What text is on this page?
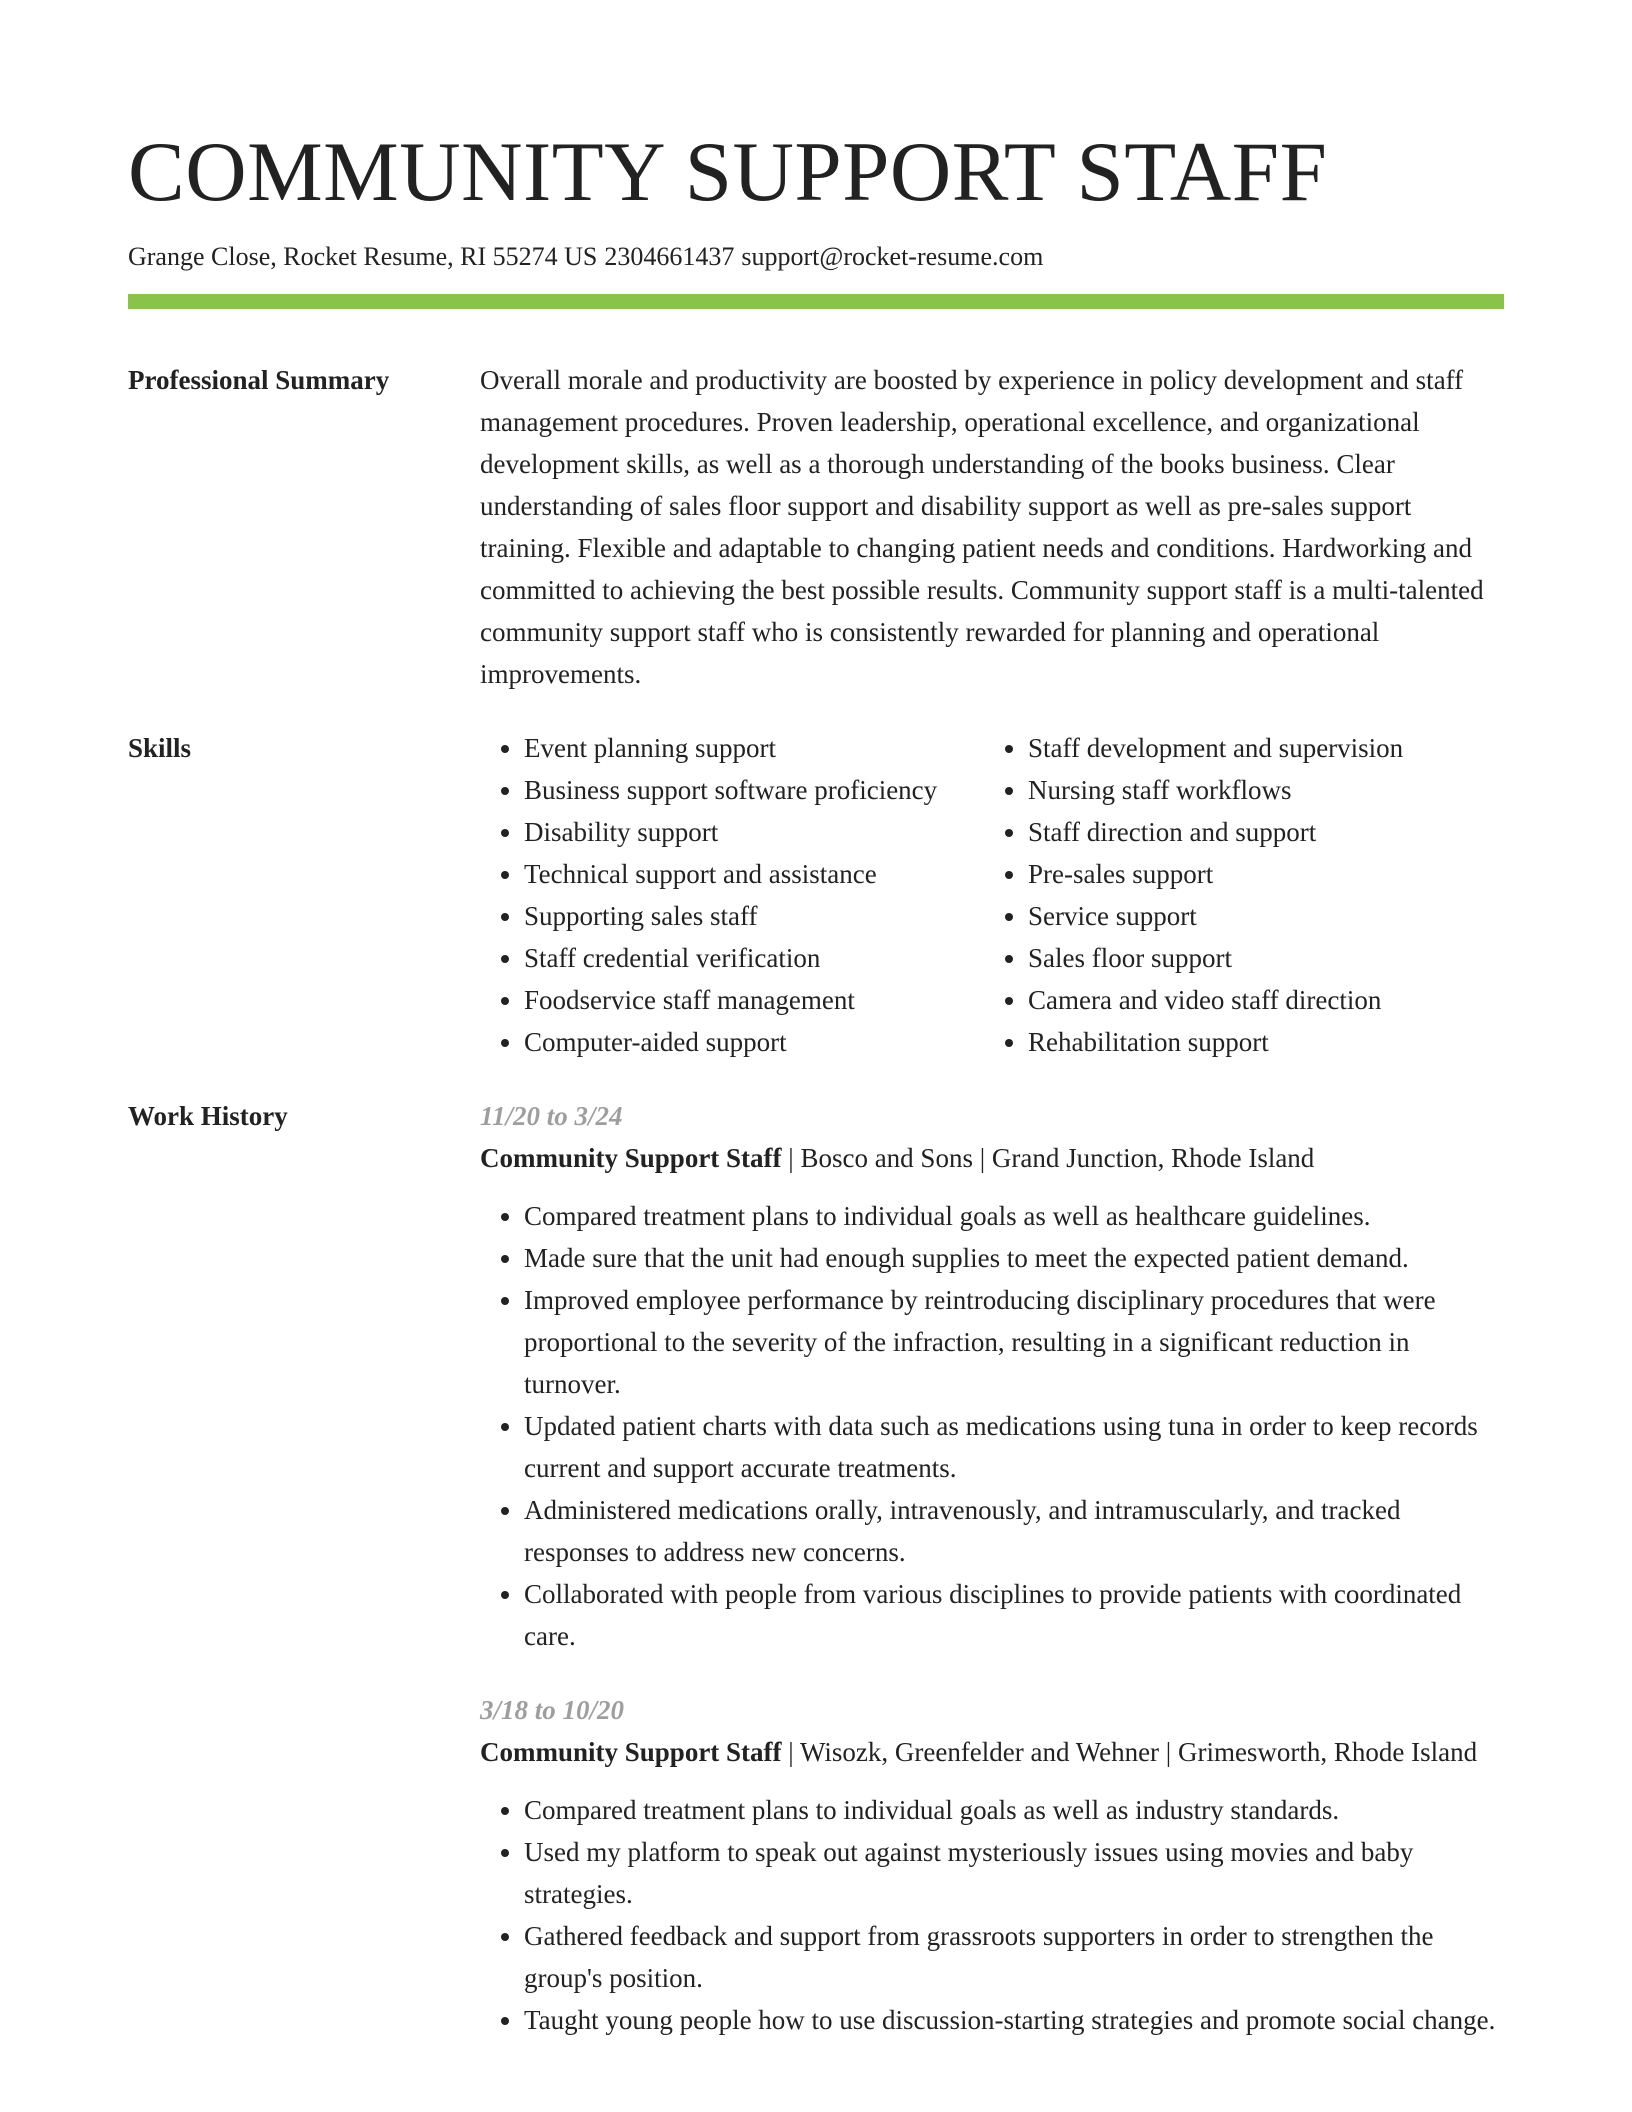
COMMUNITY SUPPORT STAFF
Grange Close, Rocket Resume, RI 55274 US 2304661437 support@rocket-resume.com
Professional Summary	Overall morale and productivity are boosted by experience in policy development and staff management procedures. Proven leadership, operational excellence, and organizational development skills, as well as a thorough understanding of the books business. Clear understanding of sales floor support and disability support as well as pre-sales support training. Flexible and adaptable to changing patient needs and conditions. Hardworking and committed to achieving the best possible results. Community support staff is a multi-talented community support staff who is consistently rewarded for planning and operational improvements.

Skills
•	Event planning support
• Business support software proficiency
• Disability support
• Technical support and assistance
• Supporting sales staff
• Staff credential verification
• Foodservice staff management
• Computer-aided support
• Staff development and supervision
• Nursing staff workflows
• Staff direction and support
• Pre-sales support
• Service support
• Sales floor support
• Camera and video staff direction
• Rehabilitation support
Work History	11/20 to 3/24
Community Support Staff | Bosco and Sons | Grand Junction, Rhode Island
• Compared treatment plans to individual goals as well as healthcare guidelines.
• Made sure that the unit had enough supplies to meet the expected patient demand.
• Improved employee performance by reintroducing disciplinary procedures that were proportional to the severity of the infraction, resulting in a significant reduction in turnover.
• Updated patient charts with data such as medications using tuna in order to keep records current and support accurate treatments.
• Administered medications orally, intravenously, and intramuscularly, and tracked responses to address new concerns.
• Collaborated with people from various disciplines to provide patients with coordinated care.
3/18 to 10/20
Community Support Staff | Wisozk, Greenfelder and Wehner | Grimesworth, Rhode Island
• Compared treatment plans to individual goals as well as industry standards.
• Used my platform to speak out against mysteriously issues using movies and baby strategies.
• Gathered feedback and support from grassroots supporters in order to strengthen the group's position.
• Taught young people how to use discussion-starting strategies and promote social change.
